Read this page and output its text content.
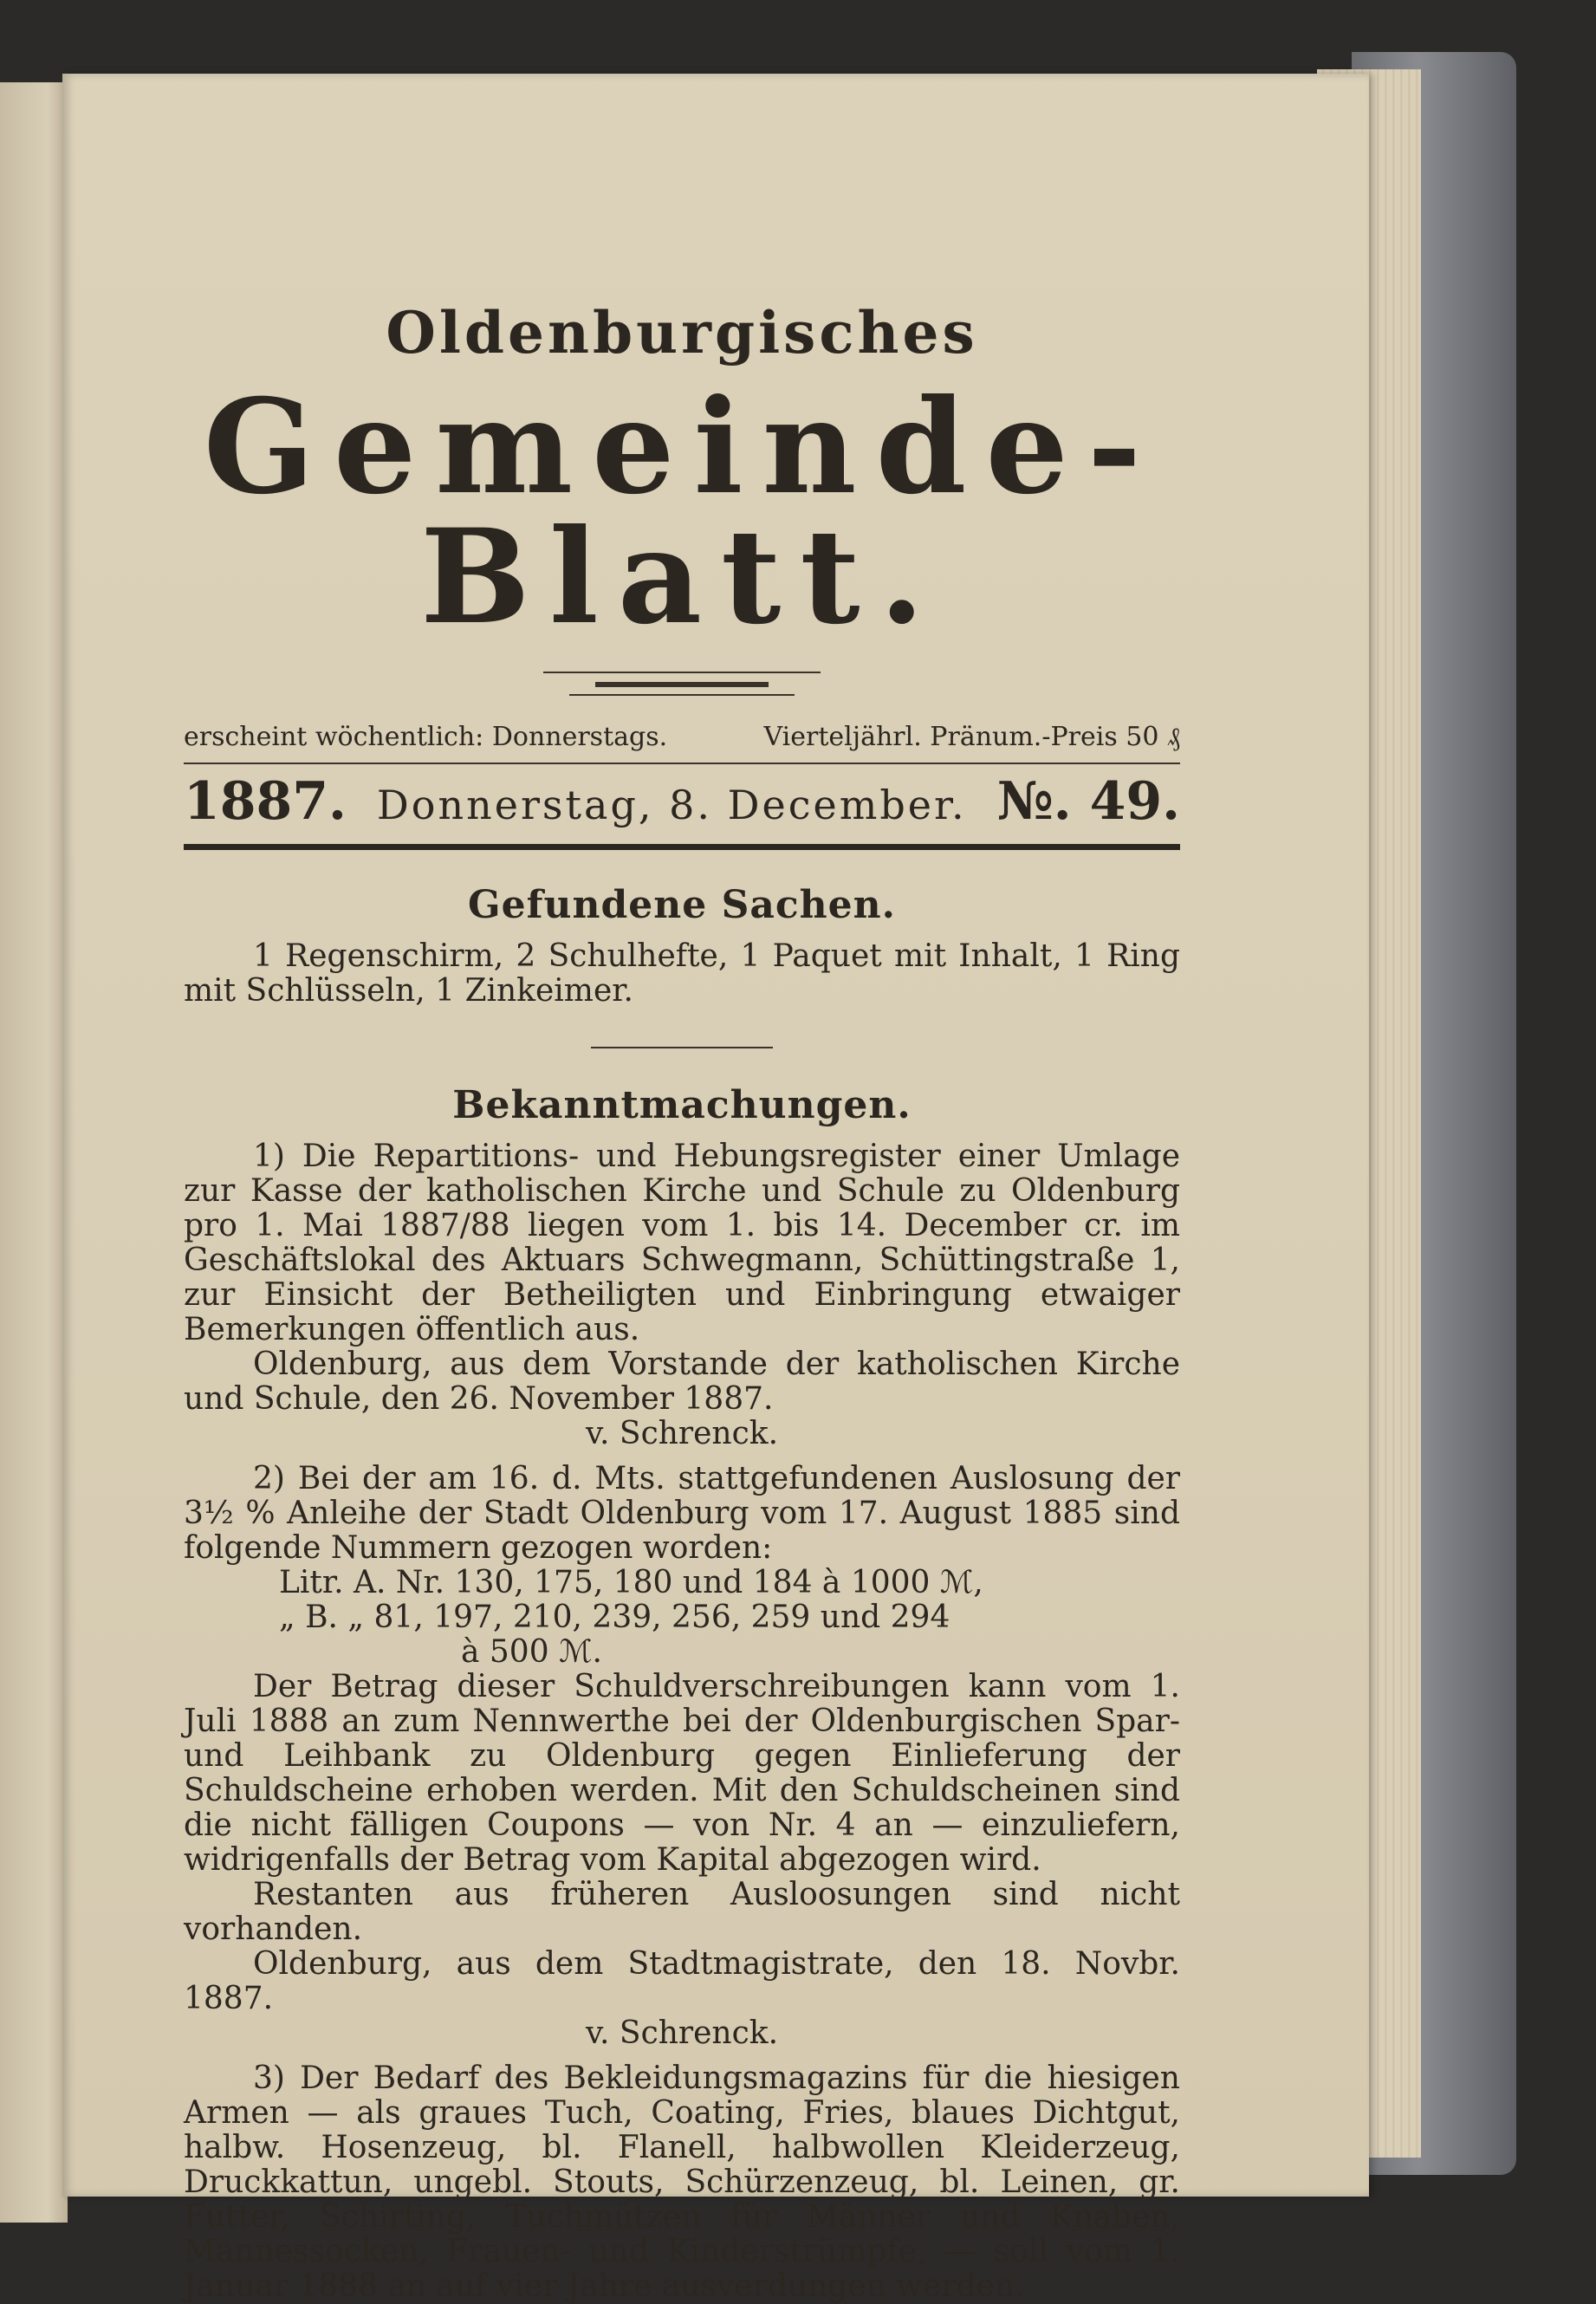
Oldenburgisches
Gemeinde-Blatt.
erscheint wöchentlich: Donnerstags.	Vierteljährl. Pränum.-Preis 50 ₰
1887. Donnerstag, 8. December. №. 49.
Gefundene Sachen.

1 Regenschirm, 2 Schulhefte, 1 Paquet mit Inhalt, 1 Ring mit Schlüsseln, 1 Zinkeimer.

Bekanntmachungen.

1) Die Repartitions- und Hebungsregister einer Umlage zur Kasse der katholischen Kirche und Schule zu Oldenburg pro 1. Mai 1887/88 liegen vom 1. bis 14. December cr. im Geschäftslokal des Aktuars Schwegmann, Schüttingstraße 1, zur Einsicht der Betheiligten und Einbringung etwaiger Bemerkungen öffentlich aus.

Oldenburg, aus dem Vorstande der katholischen Kirche und Schule, den 26. November 1887.

v. Schrenck.

2) Bei der am 16. d. Mts. stattgefundenen Auslosung der 3½ % Anleihe der Stadt Oldenburg vom 17. August 1885 sind folgende Nummern gezogen worden:

Litr. A. Nr. 130, 175, 180 und 184 à 1000 ℳ,

„ B. „ 81, 197, 210, 239, 256, 259 und 294

à 500 ℳ.

Der Betrag dieser Schuldverschreibungen kann vom 1. Juli 1888 an zum Nennwerthe bei der Oldenburgischen Spar- und Leihbank zu Oldenburg gegen Einlieferung der Schuldscheine erhoben werden. Mit den Schuldscheinen sind die nicht fälligen Coupons — von Nr. 4 an — einzuliefern, widrigenfalls der Betrag vom Kapital abgezogen wird.

Restanten aus früheren Ausloosungen sind nicht vorhanden.

Oldenburg, aus dem Stadtmagistrate, den 18. Novbr. 1887.

v. Schrenck.

3) Der Bedarf des Bekleidungsmagazins für die hiesigen Armen — als graues Tuch, Coating, Fries, blaues Dichtgut, halbw. Hosenzeug, bl. Flanell, halbwollen Kleiderzeug, Druckkattun, ungebl. Stouts, Schürzenzeug, bl. Leinen, gr. Futter, Schirting, Tuchmützen für Männer und Knaben, Mannessocken, Frauen- und Kinderstrümpfe, — soll vom 1. Januar 1888 an auf vier Jahre ausverdungen werden.
